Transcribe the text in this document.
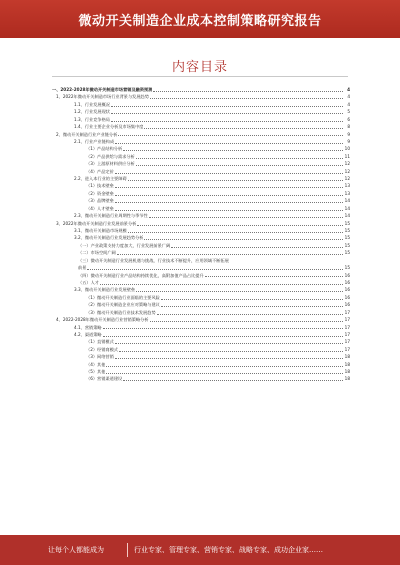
微动开关制造企业成本控制策略研究报告
内容目录
一、2022-2028年微动开关制造市场营销及融资预测	4
1、2022年微动开关制造市场行业背景与发展趋势	4
1.1、行业发展概况	4
1.2、行业发展现状	5
1.3、行业竞争格局	6
1.4、行业主要企业分析及市场集中度	8
2、微动开关制造行业产业链分析	9
2.1、行业产业链构成	9
（1）产品结构分析	10
（2）产品供给与需求分析	11
（3）上游原材料供应分析	12
（4）产品定价	12
2.2、进入本行业的主要障碍	12
（1）技术壁垒	13
（2）资金壁垒	13
（3）品牌壁垒	14
（4）人才壁垒	14
2.3、微动开关制造行业周期性与季节性	14
3、2022年微动开关制造行业发展前景分析	15
3.1、微动开关制造市场规模	15
3.2、微动开关制造行业发展趋势分析	15
（一）产业政策支持力度加大，行业发展前景广阔	15
（二）市场空间广阔	15
（三）微动开关制造行业发展机遇与挑战，行业技术不断提升，应用领域不断拓展
前景	15
（四）微动开关制造行业产品结构持续优化，高附加值产品占比提升	16
（五）人才	16
3.3、微动开关制造行业发展壁垒	16
（1）微动开关制造行业面临的主要风险	16
（2）微动开关制造企业应对策略与建议	16
（3）微动开关制造行业技术发展趋势	17
4、2022-2028年微动开关制造行业营销策略分析	17
4.1、营销策略	17
4.2、渠道策略	17
（1）直销模式	17
（2）经销商模式	17
（3）网络营销	18
（4）其他	18
（5）其他	18
（6）营销渠道建设	18
让每个人都能成为	行业专家、管理专家、营销专家、战略专家、成功企业家……
